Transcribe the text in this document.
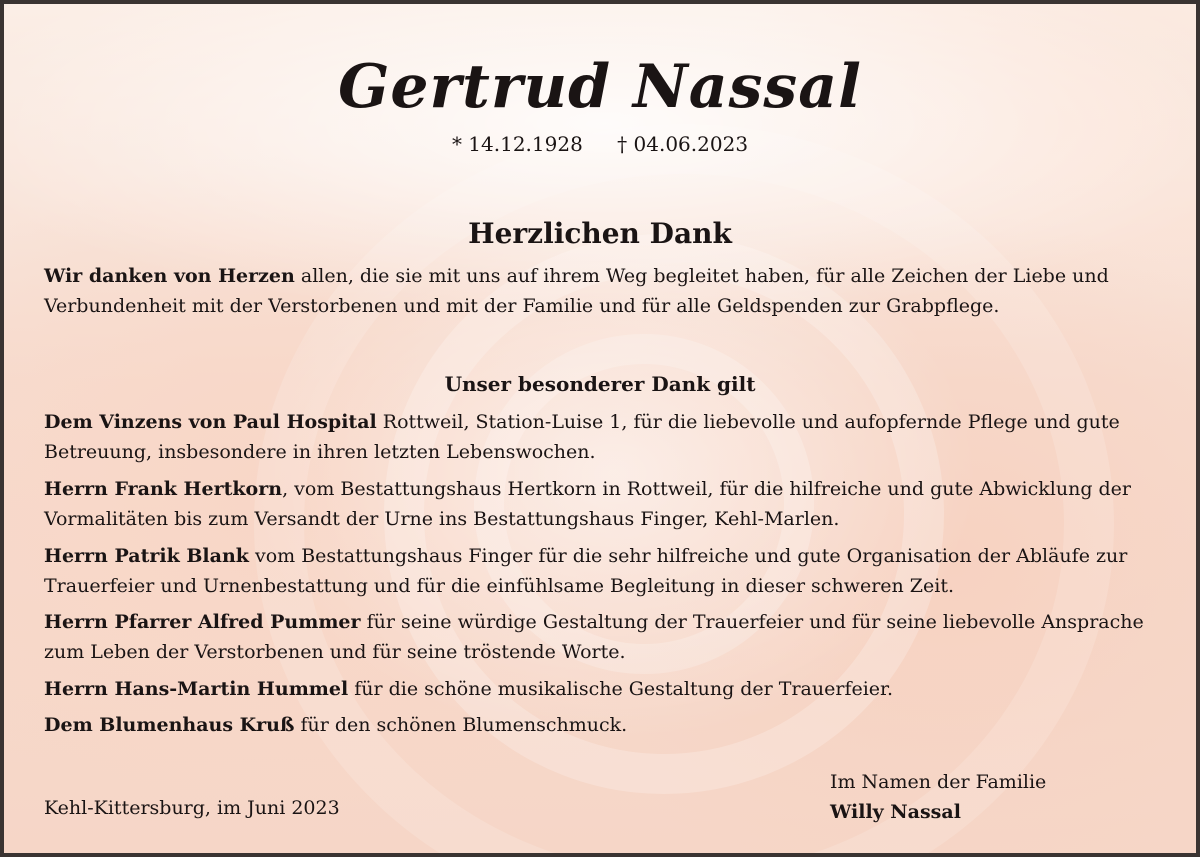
Gertrud Nassal
* 14.12.1928 † 04.06.2023
Herzlichen Dank
Wir danken von Herzen allen, die sie mit uns auf ihrem Weg begleitet haben, für alle Zeichen der Liebe und Verbundenheit mit der Verstorbenen und mit der Familie und für alle Geldspenden zur Grabpflege.
Unser besonderer Dank gilt
Dem Vinzens von Paul Hospital Rottweil, Station-Luise 1, für die liebevolle und aufopfernde Pflege und gute Betreuung, insbesondere in ihren letzten Lebenswochen.
Herrn Frank Hertkorn, vom Bestattungshaus Hertkorn in Rottweil, für die hilfreiche und gute Abwicklung der Vormalitäten bis zum Versandt der Urne ins Bestattungshaus Finger, Kehl-Marlen.
Herrn Patrik Blank vom Bestattungshaus Finger für die sehr hilfreiche und gute Organisation der Abläufe zur Trauerfeier und Urnenbestattung und für die einfühlsame Begleitung in dieser schweren Zeit.
Herrn Pfarrer Alfred Pummer für seine würdige Gestaltung der Trauerfeier und für seine liebevolle Ansprache zum Leben der Verstorbenen und für seine tröstende Worte.
Herrn Hans-Martin Hummel für die schöne musikalische Gestaltung der Trauerfeier.
Dem Blumenhaus Kruß für den schönen Blumenschmuck.
Kehl-Kittersburg, im Juni 2023
Im Namen der Familie
Willy Nassal
